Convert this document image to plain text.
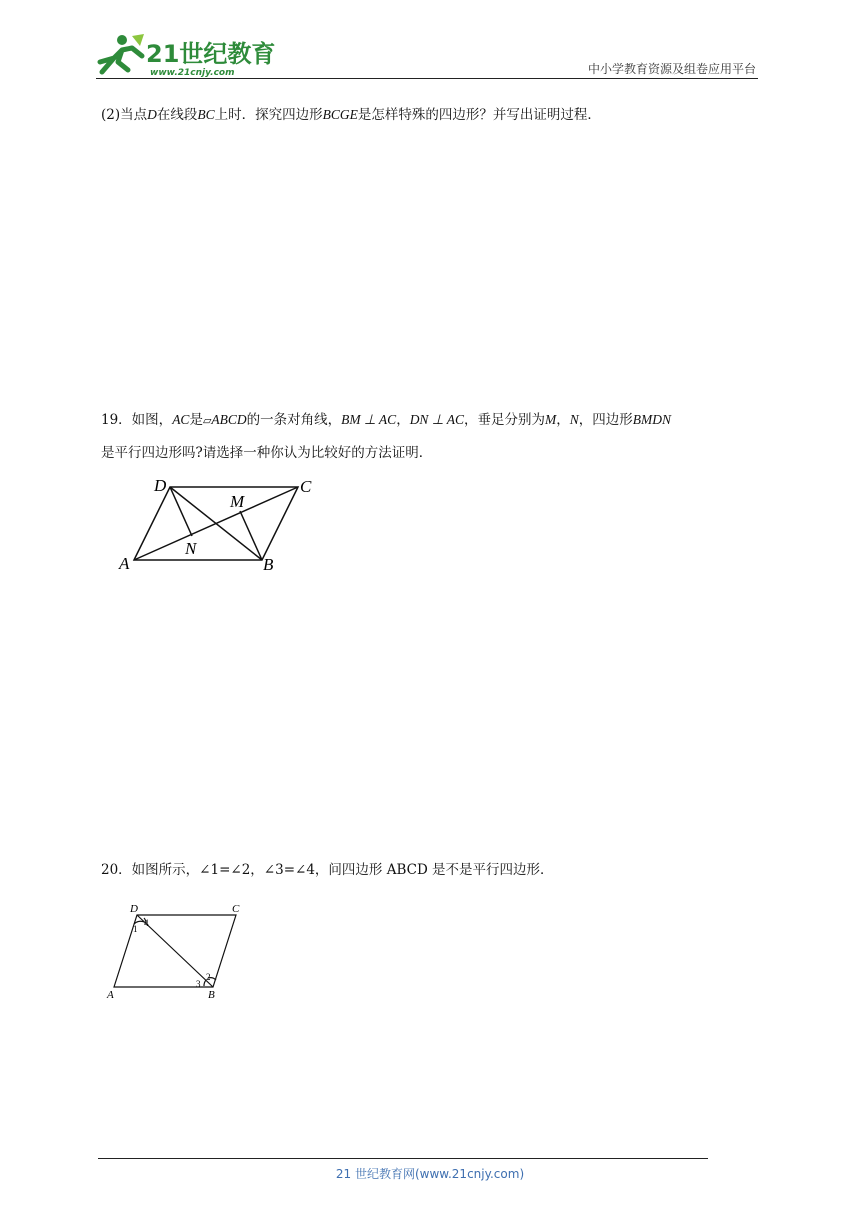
21世纪教育
www.21cnjy.com	中小学教育资源及组卷应用平台
(2)当点D在线段BC上时．探究四边形BCGE是怎样特殊的四边形？并写出证明过程．
19．如图，AC是▱ABCD的一条对角线，BM ⊥ AC，DN ⊥ AC，垂足分别为M，N，四边形BMDN
是平行四边形吗?请选择一种你认为比较好的方法证明．
D	C
M
N
A	B
20．如图所示，∠1=∠2，∠3=∠4，问四边形 ABCD 是不是平行四边形．
D	C
A	B
1
4
2
3
21 世纪教育网(www.21cnjy.com)
